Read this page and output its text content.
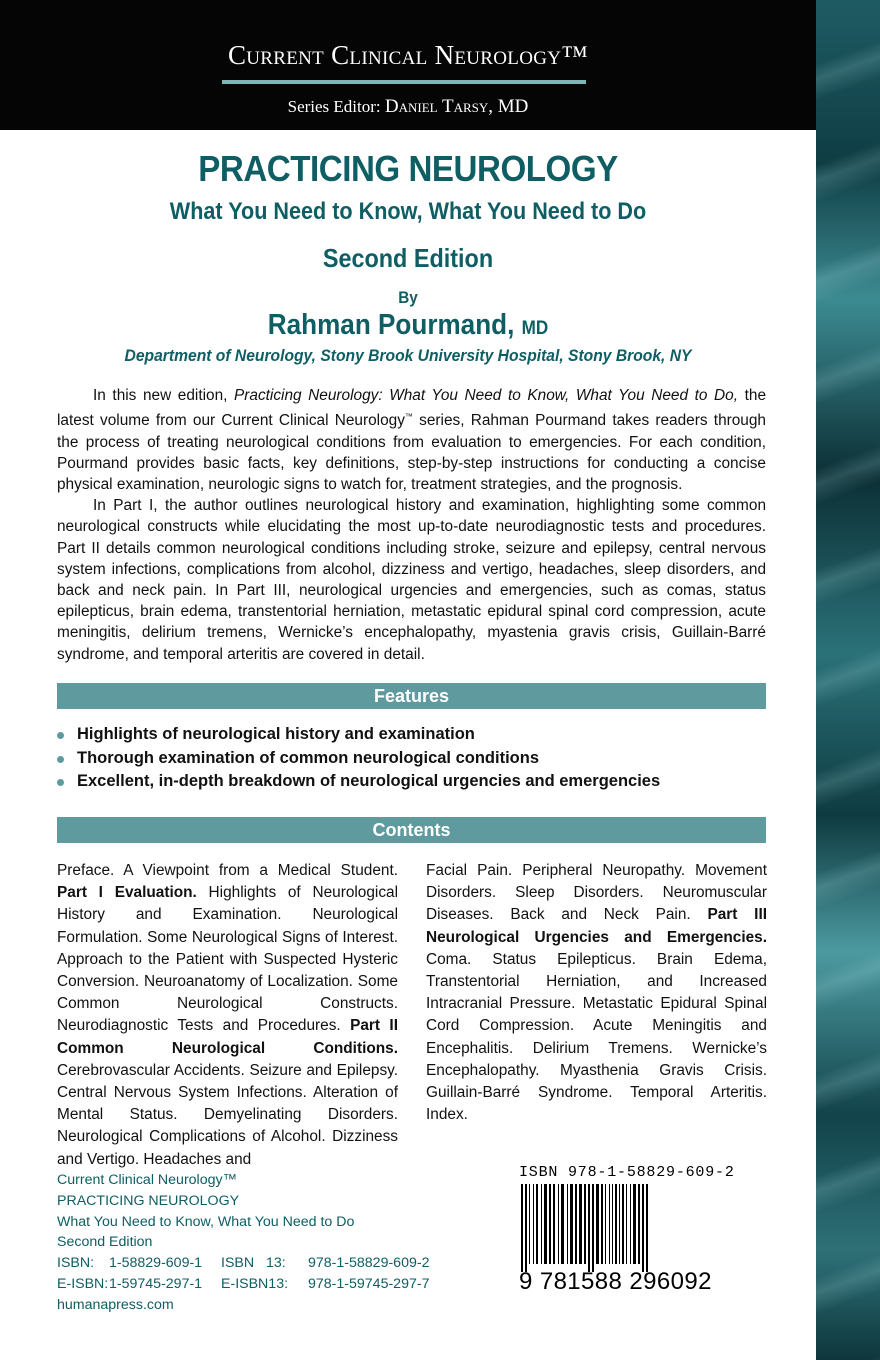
Current Clinical Neurology™
Series Editor: Daniel Tarsy, MD
PRACTICING NEUROLOGY
What You Need to Know, What You Need to Do
Second Edition
By
Rahman Pourmand, MD
Department of Neurology, Stony Brook University Hospital, Stony Brook, NY

In this new edition, Practicing Neurology: What You Need to Know, What You Need to Do, the latest volume from our Current Clinical Neurology™ series, Rahman Pourmand takes readers through the process of treating neurological conditions from evaluation to emergencies. For each condition, Pourmand provides basic facts, key definitions, step-by-step instructions for conducting a concise physical examination, neurologic signs to watch for, treatment strategies, and the prognosis.

In Part I, the author outlines neurological history and examination, highlighting some common neurological constructs while elucidating the most up-to-date neurodiagnostic tests and procedures. Part II details common neurological conditions including stroke, seizure and epilepsy, central nervous system infections, complications from alcohol, dizziness and vertigo, headaches, sleep disorders, and back and neck pain. In Part III, neurological urgencies and emergencies, such as comas, status epilepticus, brain edema, transtentorial herniation, metastatic epidural spinal cord compression, acute meningitis, delirium tremens, Wernicke’s encephalopathy, myastenia gravis crisis, Guillain-Barré syndrome, and temporal arteritis are covered in detail.

Features
Highlights of neurological history and examination
Thorough examination of common neurological conditions
Excellent, in-depth breakdown of neurological urgencies and emergencies
Contents
Preface. A Viewpoint from a Medical Student. Part I Evaluation. Highlights of Neurological History and Examination. Neurological Formulation. Some Neurological Signs of Interest. Approach to the Patient with Suspected Hysteric Conversion. Neuroanatomy of Localization. Some Common Neurological Constructs. Neurodiagnostic Tests and Procedures. Part II Common Neurological Conditions. Cerebrovascular Accidents. Seizure and Epilepsy. Central Nervous System Infections. Alteration of Mental Status. Demyelinating Disorders. Neurological Complications of Alcohol. Dizziness and Vertigo. Headaches and
Facial Pain. Peripheral Neuropathy. Movement Disorders. Sleep Disorders. Neuromuscular Diseases. Back and Neck Pain. Part III Neurological Urgencies and Emergencies. Coma. Status Epilepticus. Brain Edema, Transtentorial Herniation, and Increased Intracranial Pressure. Metastatic Epidural Spinal Cord Compression. Acute Meningitis and Encephalitis. Delirium Tremens. Wernicke’s Encephalopathy. Myasthenia Gravis Crisis. Guillain-Barré Syndrome. Temporal Arteritis. Index.
Current Clinical Neurology™
PRACTICING NEUROLOGY
What You Need to Know, What You Need to Do
Second Edition
ISBN: 1-58829-609-1 ISBN   13: 978-1-58829-609-2
E-ISBN:1-59745-297-1 E-ISBN13: 978-1-59745-297-7
humanapress.com
ISBN 978-1-58829-609-2
9 781588 296092
